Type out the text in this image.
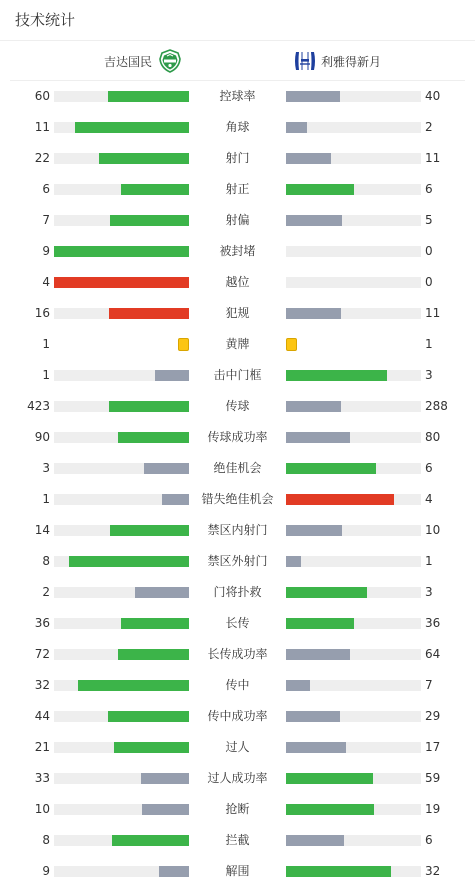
技术统计
吉达国民	利雅得新月
60	控球率	40
11	角球	2
22	射门	11
6	射正	6
7	射偏	5
9	被封堵	0
4	越位	0
16	犯规	11
1	黄牌	1
1	击中门框	3
423	传球	288
90	传球成功率	80
3	绝佳机会	6
1	错失绝佳机会	4
14	禁区内射门	10
8	禁区外射门	1
2	门将扑救	3
36	长传	36
72	长传成功率	64
32	传中	7
44	传中成功率	29
21	过人	17
33	过人成功率	59
10	抢断	19
8	拦截	6
9	解围	32
